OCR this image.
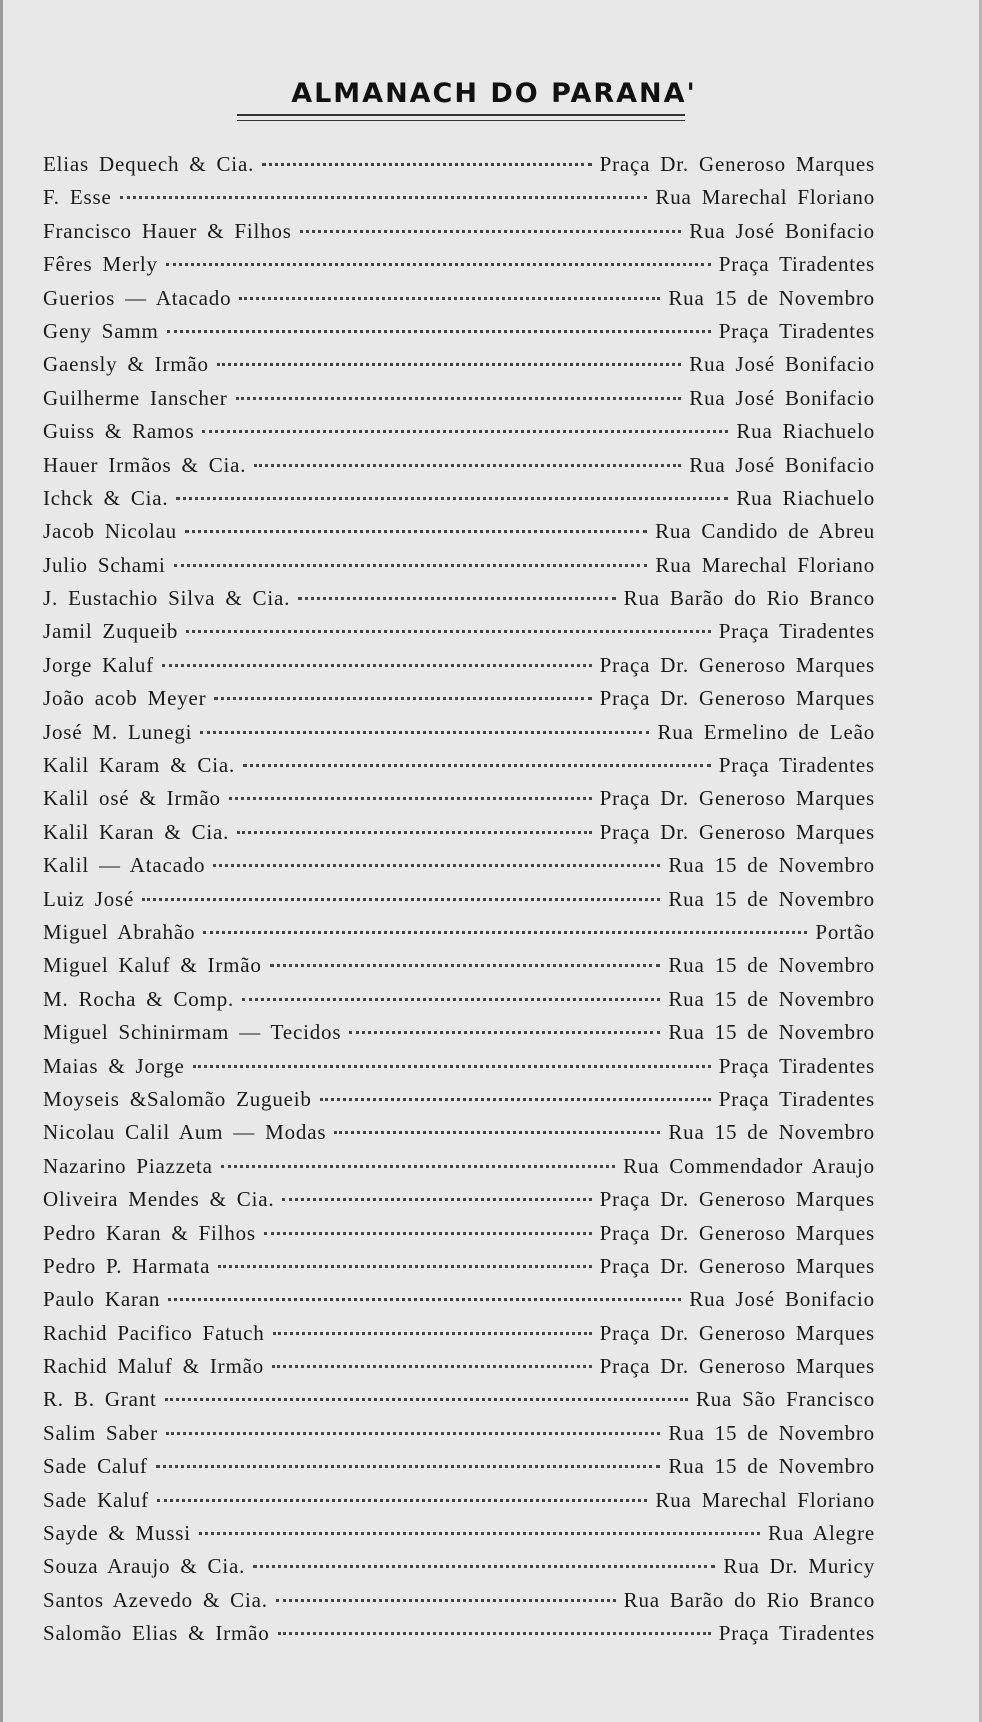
ALMANACH DO PARANA'
Elias Dequech & Cia.	Praça Dr. Generoso Marques
F. Esse	Rua Marechal Floriano
Francisco Hauer & Filhos	Rua José Bonifacio
Fêres Merly	Praça Tiradentes
Guerios — Atacado	Rua 15 de Novembro
Geny Samm	Praça Tiradentes
Gaensly & Irmão	Rua José Bonifacio
Guilherme Ianscher	Rua José Bonifacio
Guiss & Ramos	Rua Riachuelo
Hauer Irmãos & Cia.	Rua José Bonifacio
Ichck & Cia.	Rua Riachuelo
Jacob Nicolau	Rua Candido de Abreu
Julio Schami	Rua Marechal Floriano
J. Eustachio Silva & Cia.	Rua Barão do Rio Branco
Jamil Zuqueib	Praça Tiradentes
Jorge Kaluf	Praça Dr. Generoso Marques
João acob Meyer	Praça Dr. Generoso Marques
José M. Lunegi	Rua Ermelino de Leão
Kalil Karam & Cia.	Praça Tiradentes
Kalil osé & Irmão	Praça Dr. Generoso Marques
Kalil Karan & Cia.	Praça Dr. Generoso Marques
Kalil — Atacado	Rua 15 de Novembro
Luiz José	Rua 15 de Novembro
Miguel Abrahão	Portão
Miguel Kaluf & Irmão	Rua 15 de Novembro
M. Rocha & Comp.	Rua 15 de Novembro
Miguel Schinirmam — Tecidos	Rua 15 de Novembro
Maias & Jorge	Praça Tiradentes
Moyseis &Salomão Zugueib	Praça Tiradentes
Nicolau Calil Aum — Modas	Rua 15 de Novembro
Nazarino Piazzeta	Rua Commendador Araujo
Oliveira Mendes & Cia.	Praça Dr. Generoso Marques
Pedro Karan & Filhos	Praça Dr. Generoso Marques
Pedro P. Harmata	Praça Dr. Generoso Marques
Paulo Karan	Rua José Bonifacio
Rachid Pacifico Fatuch	Praça Dr. Generoso Marques
Rachid Maluf & Irmão	Praça Dr. Generoso Marques
R. B. Grant	Rua São Francisco
Salim Saber	Rua 15 de Novembro
Sade Caluf	Rua 15 de Novembro
Sade Kaluf	Rua Marechal Floriano
Sayde & Mussi	Rua Alegre
Souza Araujo & Cia.	Rua Dr. Muricy
Santos Azevedo & Cia.	Rua Barão do Rio Branco
Salomão Elias & Irmão	Praça Tiradentes
